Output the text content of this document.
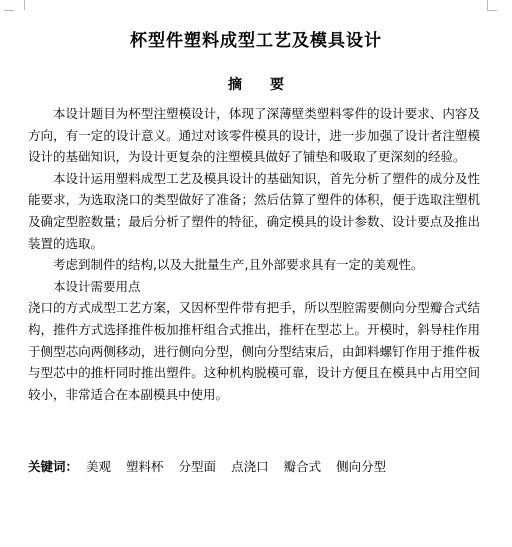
杯型件塑料成型工艺及模具设计
摘要

本设计题目为杯型注塑模设计，体现了深薄壁类塑料零件的设计要求、内容及方向，有一定的设计意义。通过对该零件模具的设计，进一步加强了设计者注塑模设计的基础知识，为设计更复杂的注塑模具做好了铺垫和吸取了更深刻的经验。

本设计运用塑料成型工艺及模具设计的基础知识，首先分析了塑件的成分及性能要求，为选取浇口的类型做好了准备；然后估算了塑件的体积，便于选取注塑机及确定型腔数量；最后分析了塑件的特征，确定模具的设计参数、设计要点及推出装置的选取。

考虑到制件的结构,以及大批量生产,且外部要求具有一定的美观性。

本设计需要用点

浇口的方式成型工艺方案，又因杯型件带有把手，所以型腔需要侧向分型瓣合式结构，推件方式选择推件板加推杆组合式推出，推杆在型芯上。开模时，斜导柱作用于侧型芯向两侧移动，进行侧向分型，侧向分型结束后，由卸料螺钉作用于推件板与型芯中的推杆同时推出塑件。这种机构脱模可靠，设计方便且在模具中占用空间较小，非常适合在本副模具中使用。

关键词： 美观 塑料杯 分型面 点浇口 瓣合式 侧向分型
